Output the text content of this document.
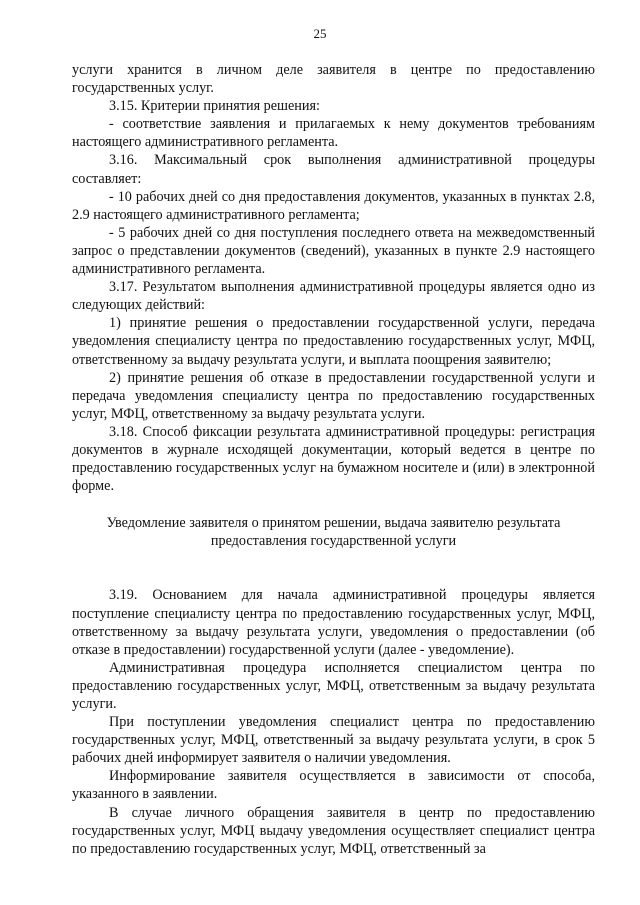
25

услуги хранится в личном деле заявителя в центре по предоставлению государственных услуг.

3.15. Критерии принятия решения:

- соответствие заявления и прилагаемых к нему документов требованиям настоящего административного регламента.

3.16. Максимальный срок выполнения административной процедуры составляет:

- 10 рабочих дней со дня предоставления документов, указанных в пунктах 2.8, 2.9 настоящего административного регламента;

- 5 рабочих дней со дня поступления последнего ответа на межведомственный запрос о представлении документов (сведений), указанных в пункте 2.9 настоящего административного регламента.

3.17. Результатом выполнения административной процедуры является одно из следующих действий:

1) принятие решения о предоставлении государственной услуги, передача уведомления специалисту центра по предоставлению государственных услуг, МФЦ, ответственному за выдачу результата услуги, и выплата поощрения заявителю;

2) принятие решения об отказе в предоставлении государственной услуги и передача уведомления специалисту центра по предоставлению государственных услуг, МФЦ, ответственному за выдачу результата услуги.

3.18. Способ фиксации результата административной процедуры: регистрация документов в журнале исходящей документации, который ведется в центре по предоставлению государственных услуг на бумажном носителе и (или) в электронной форме.

Уведомление заявителя о принятом решении, выдача заявителю результата предоставления государственной услуги

3.19. Основанием для начала административной процедуры является поступление специалисту центра по предоставлению государственных услуг, МФЦ, ответственному за выдачу результата услуги, уведомления о предоставлении (об отказе в предоставлении) государственной услуги (далее - уведомление).

Административная процедура исполняется специалистом центра по предоставлению государственных услуг, МФЦ, ответственным за выдачу результата услуги.

При поступлении уведомления специалист центра по предоставлению государственных услуг, МФЦ, ответственный за выдачу результата услуги, в срок 5 рабочих дней информирует заявителя о наличии уведомления.

Информирование заявителя осуществляется в зависимости от способа, указанного в заявлении.

В случае личного обращения заявителя в центр по предоставлению государственных услуг, МФЦ выдачу уведомления осуществляет специалист центра по предоставлению государственных услуг, МФЦ, ответственный за
